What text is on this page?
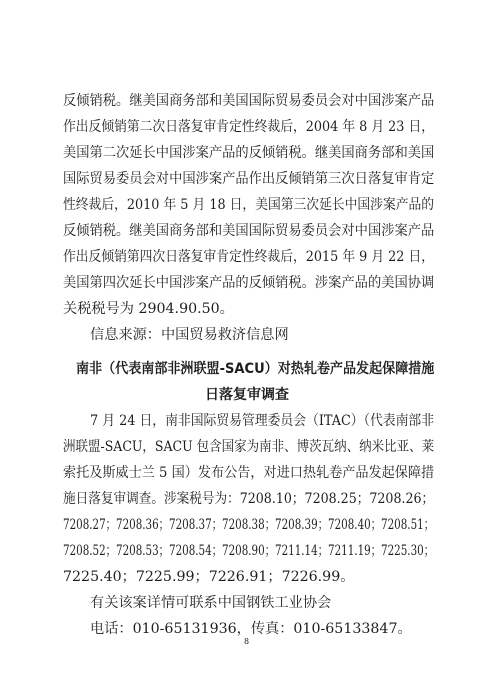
反倾销税。继美国商务部和美国国际贸易委员会对中国涉案产品
作出反倾销第二次日落复审肯定性终裁后，2004 年 8 月 23 日，
美国第二次延长中国涉案产品的反倾销税。继美国商务部和美国
国际贸易委员会对中国涉案产品作出反倾销第三次日落复审肯定
性终裁后，2010 年 5 月 18 日，美国第三次延长中国涉案产品的
反倾销税。继美国商务部和美国国际贸易委员会对中国涉案产品
作出反倾销第四次日落复审肯定性终裁后，2015 年 9 月 22 日，
美国第四次延长中国涉案产品的反倾销税。涉案产品的美国协调
关税税号为 2904.90.50。
信息来源：中国贸易救济信息网
南非（代表南部非洲联盟-SACU）对热轧卷产品发起保障措施
日落复审调查
7 月 24 日，南非国际贸易管理委员会（ITAC）（代表南部非
洲联盟-SACU，SACU 包含国家为南非、博茨瓦纳、纳米比亚、莱
索托及斯威士兰 5 国）发布公告，对进口热轧卷产品发起保障措
施日落复审调查。涉案税号为：7208.10；7208.25；7208.26；
7208.27；7208.36；7208.37；7208.38；7208.39；7208.40；7208.51；
7208.52；7208.53；7208.54；7208.90；7211.14；7211.19；7225.30；
7225.40；7225.99；7226.91；7226.99。
有关该案详情可联系中国钢铁工业协会
电话：010-65131936，传真：010-65133847。
8
